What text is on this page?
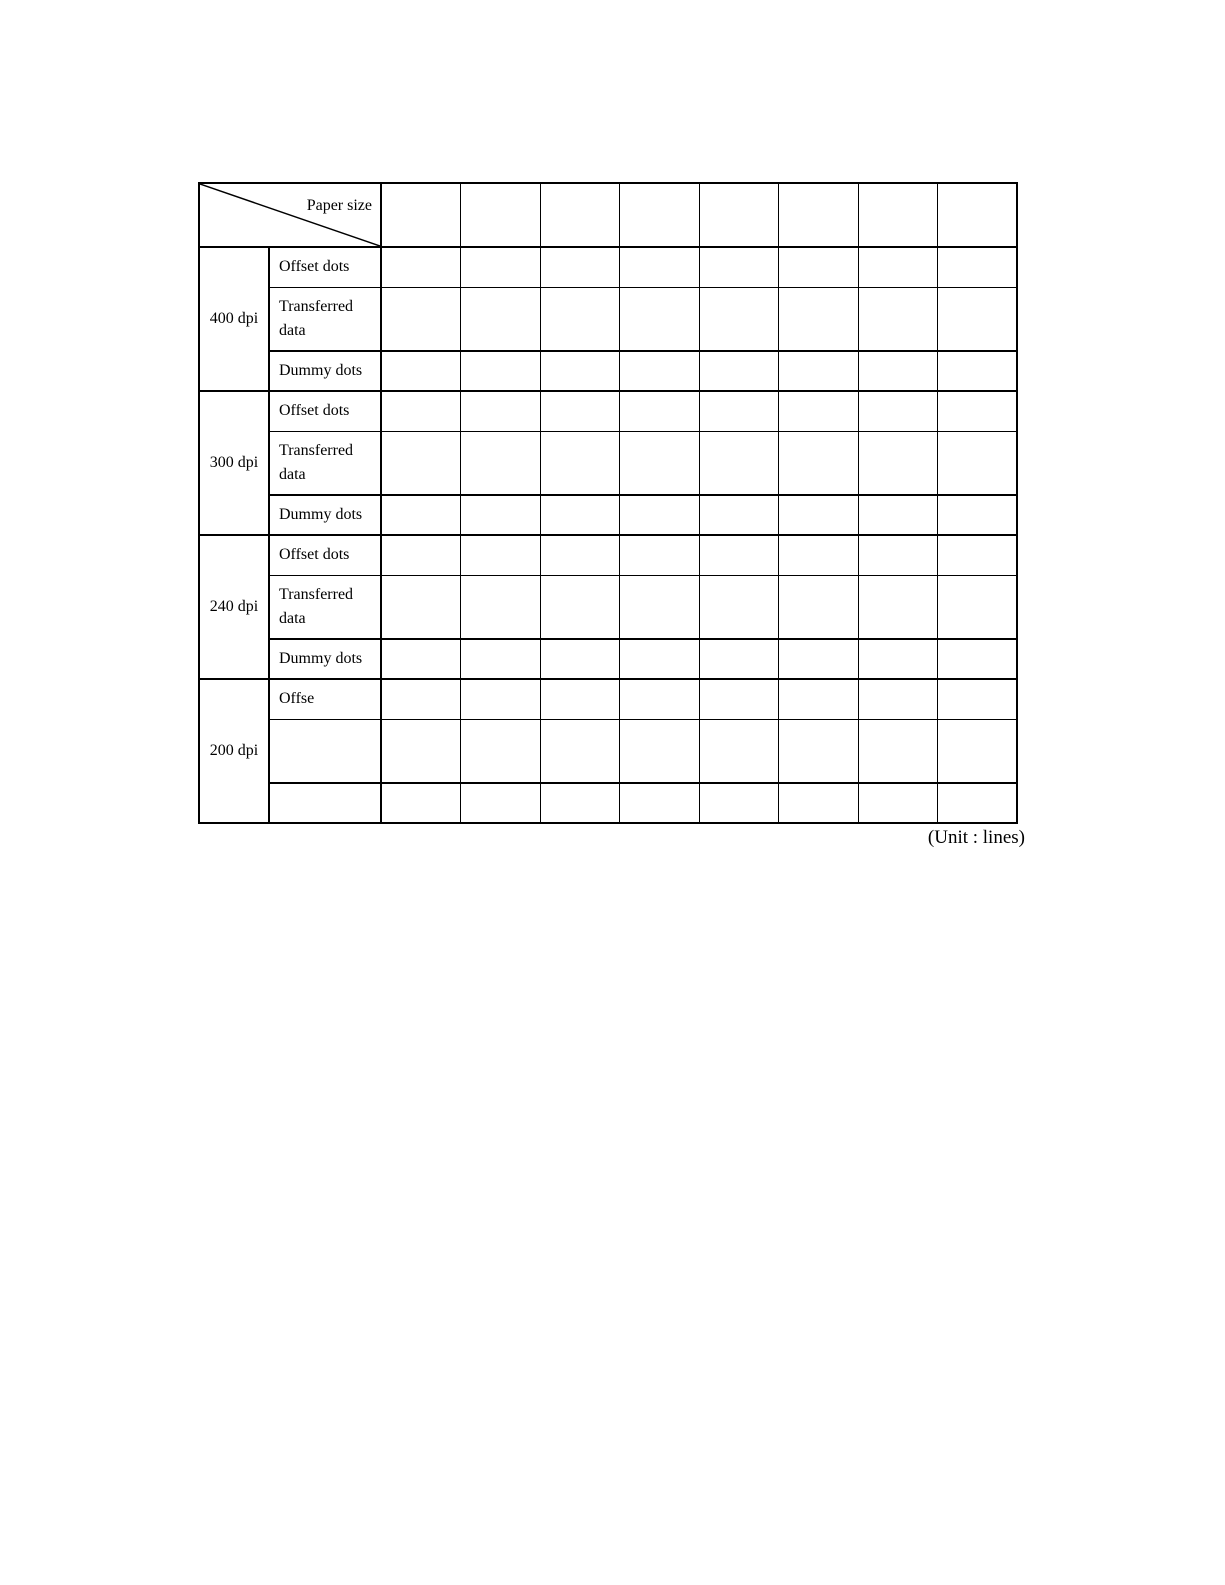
Paper size									

400 dpi	Offset dots								
	Transferred data								
	Dummy dots								
300 dpi	Offset dots								
	Transferred data								
	Dummy dots								
240 dpi	Offset dots								
	Transferred data								
	Dummy dots								
200 dpi	Offse								

(Unit : lines)
